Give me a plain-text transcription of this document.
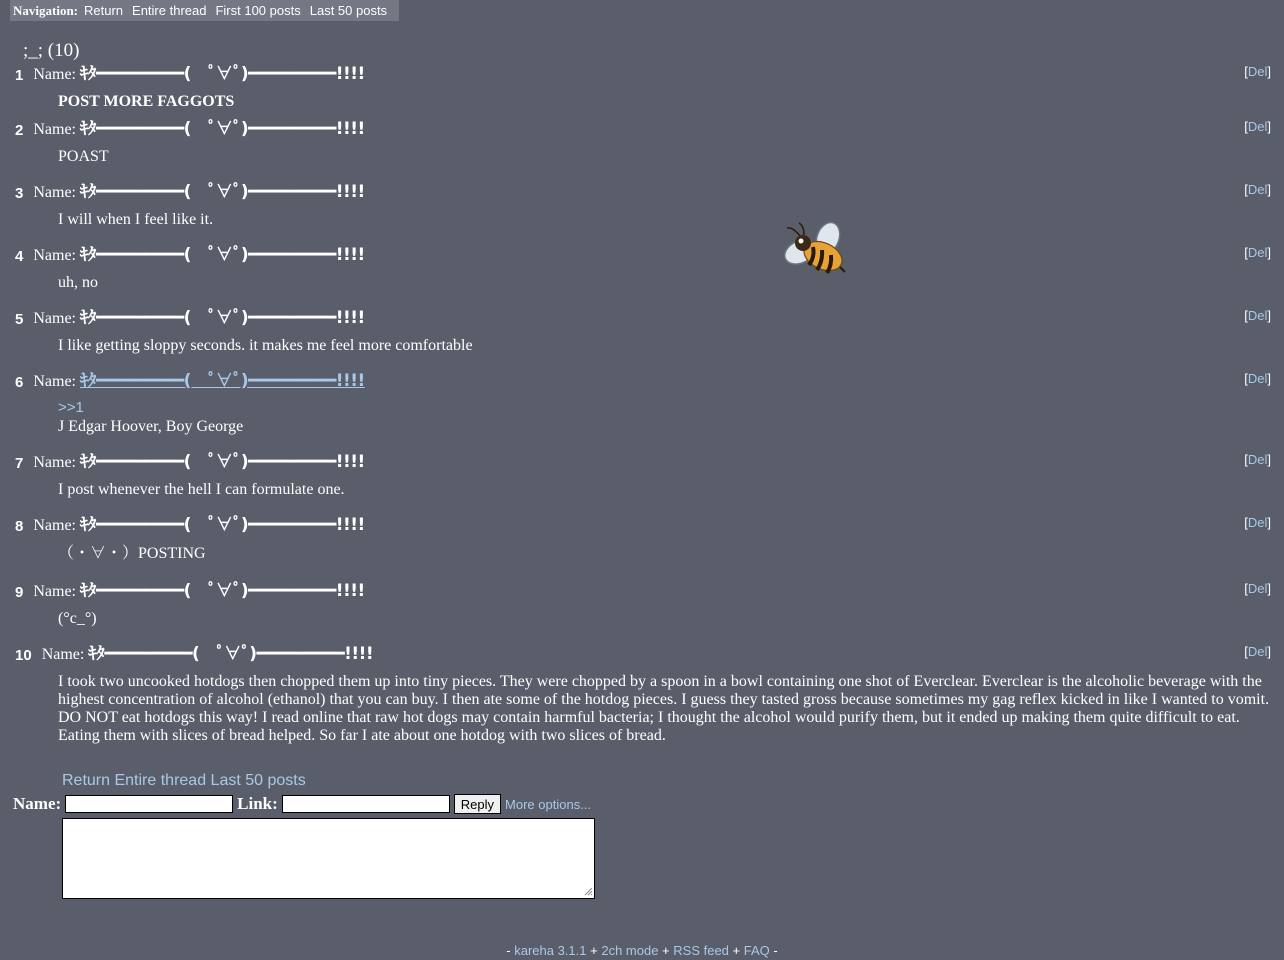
Navigation: Return Entire thread First 100 posts Last 50 posts
;_; (10)
1 Name: ｷﾀ━━━━━━━━━(　ﾟ∀ﾟ)━━━━━━━━━!!!!	[Del]
POST MORE FAGGOTS
2 Name: ｷﾀ━━━━━━━━━(　ﾟ∀ﾟ)━━━━━━━━━!!!!	[Del]
POAST
3 Name: ｷﾀ━━━━━━━━━(　ﾟ∀ﾟ)━━━━━━━━━!!!!	[Del]
I will when I feel like it.
4 Name: ｷﾀ━━━━━━━━━(　ﾟ∀ﾟ)━━━━━━━━━!!!!	[Del]
uh, no
5 Name: ｷﾀ━━━━━━━━━(　ﾟ∀ﾟ)━━━━━━━━━!!!!	[Del]
I like getting sloppy seconds. it makes me feel more comfortable
6 Name: ｷﾀ━━━━━━━━━(　ﾟ∀ﾟ)━━━━━━━━━!!!!	[Del]
>>1
J Edgar Hoover, Boy George
7 Name: ｷﾀ━━━━━━━━━(　ﾟ∀ﾟ)━━━━━━━━━!!!!	[Del]
I post whenever the hell I can formulate one.
8 Name: ｷﾀ━━━━━━━━━(　ﾟ∀ﾟ)━━━━━━━━━!!!!	[Del]
（・∀・）POSTING
9 Name: ｷﾀ━━━━━━━━━(　ﾟ∀ﾟ)━━━━━━━━━!!!!	[Del]
(°c_°)
10 Name: ｷﾀ━━━━━━━━━(　ﾟ∀ﾟ)━━━━━━━━━!!!!	[Del]
I took two uncooked hotdogs then chopped them up into tiny pieces. They were chopped by a spoon in a bowl containing one shot of Everclear. Everclear is the alcoholic beverage with the highest concentration of alcohol (ethanol) that you can buy. I then ate some of the hotdog pieces. I guess they tasted gross because sometimes my gag reflex kicked in like I wanted to vomit. DO NOT eat hotdogs this way! I read online that raw hot dogs may contain harmful bacteria; I thought the alcohol would purify them, but it ended up making them quite difficult to eat. Eating them with slices of bread helped. So far I ate about one hotdog with two slices of bread.
Return Entire thread Last 50 posts
Name:	Link:	Reply More options...
- kareha 3.1.1 + 2ch mode + RSS feed + FAQ -
